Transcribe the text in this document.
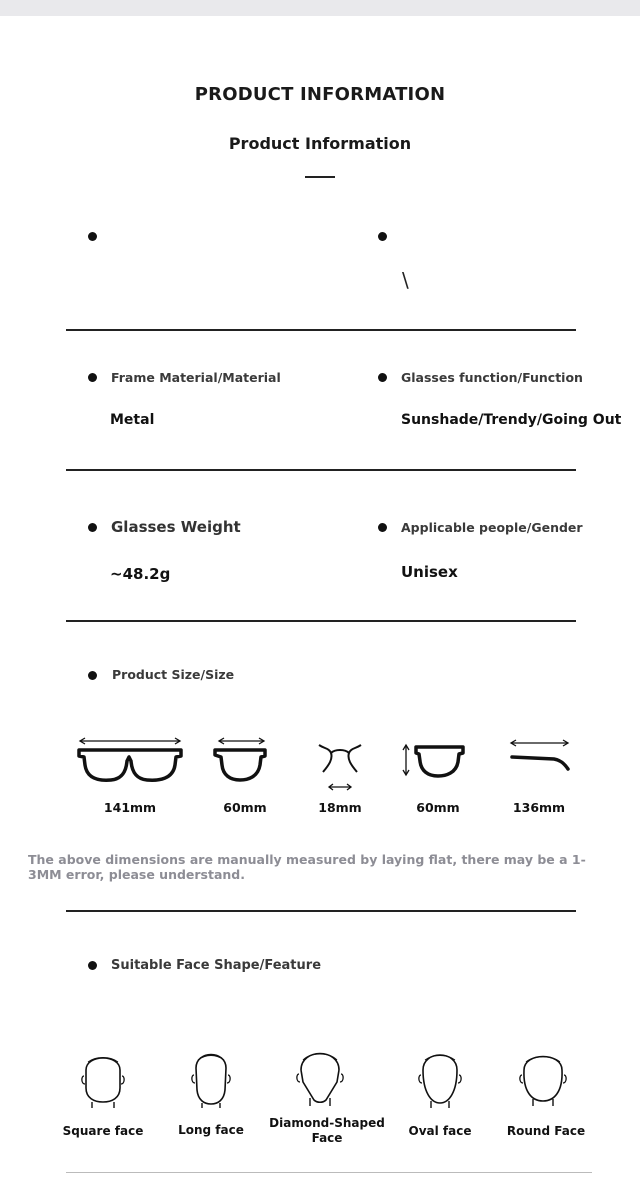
PRODUCT INFORMATION
Product Information
\
Frame Material/Material
Metal
Glasses function/Function
Sunshade/Trendy/Going Out
Glasses Weight
~48.2g
Applicable people/Gender
Unisex
Product Size/Size
141mm	60mm	18mm	60mm	136mm
The above dimensions are manually measured by laying flat, there may be a 1-3MM error, please understand.
Suitable Face Shape/Feature
Square face	Long face	Diamond-Shaped Face	Oval face	Round Face
